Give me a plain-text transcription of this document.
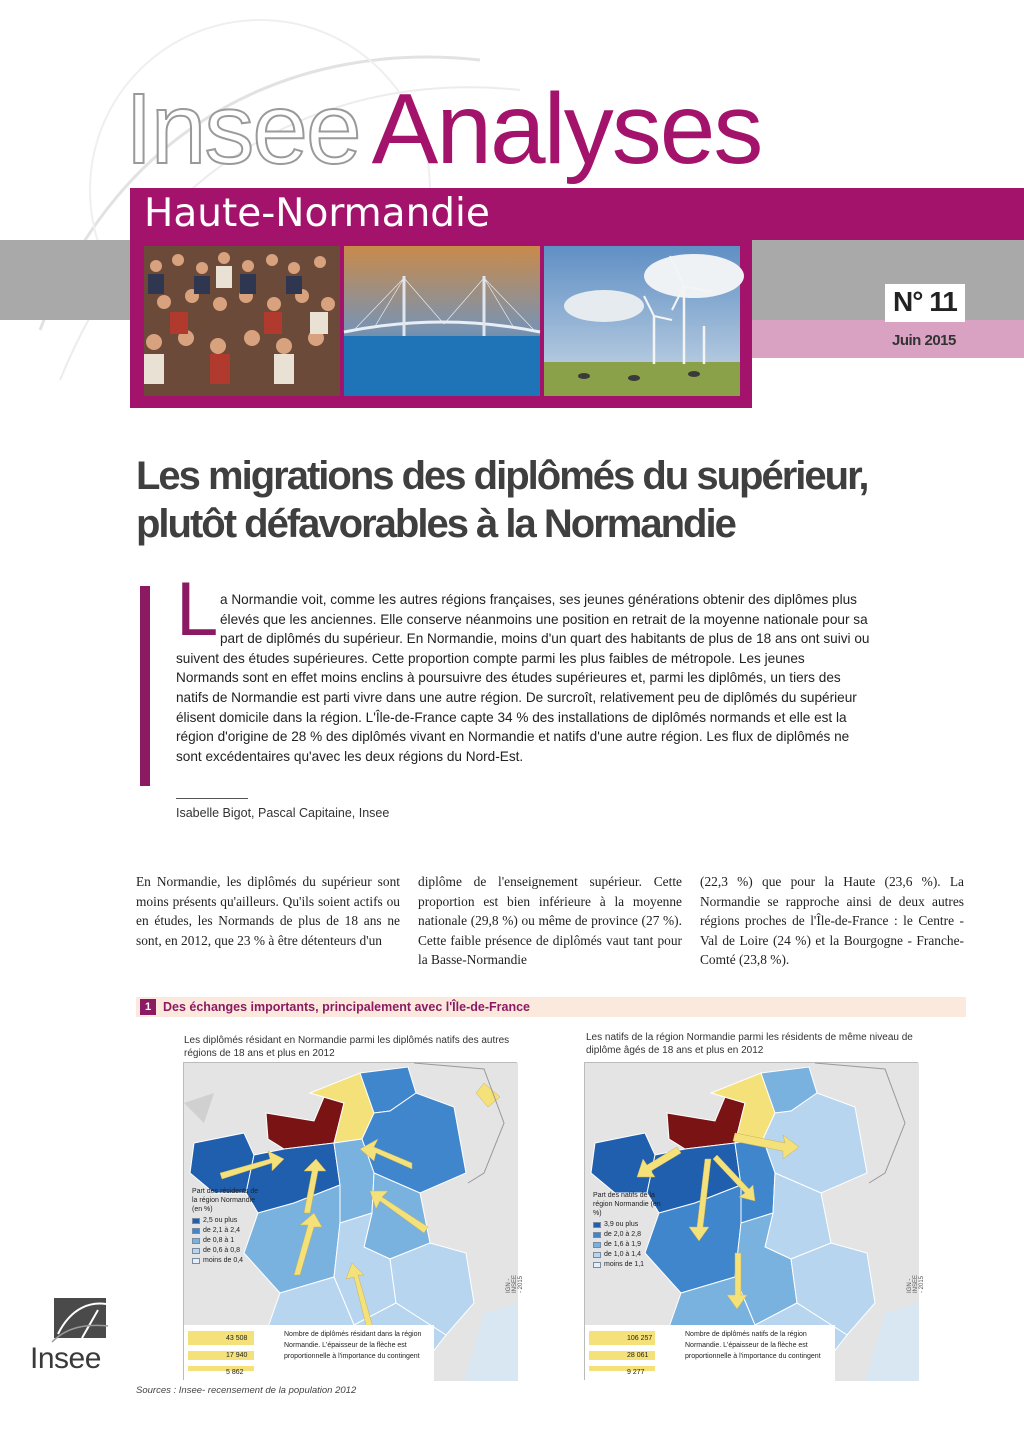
Insee Analyses
Haute-Normandie
N° 11
Juin 2015
Les migrations des diplômés du supérieur,
plutôt défavorables à la Normandie
L a Normandie voit, comme les autres régions françaises, ses jeunes générations obtenir des diplômes plus élevés que les anciennes. Elle conserve néanmoins une position en retrait de la moyenne nationale pour sa part de diplômés du supérieur. En Normandie, moins d'un quart des habitants de plus de 18 ans ont suivi ou suivent des études supérieures. Cette proportion compte parmi les plus faibles de métropole. Les jeunes Normands sont en effet moins enclins à poursuivre des études supérieures et, parmi les diplômés, un tiers des natifs de Normandie est parti vivre dans une autre région. De surcroît, relativement peu de diplômés du supérieur élisent domicile dans la région. L'Île-de-France capte 34 % des installations de diplômés normands et elle est la région d'origine de 28 % des diplômés vivant en Normandie et natifs d'une autre région. Les flux de diplômés ne sont excédentaires qu'avec les deux régions du Nord-Est.

Isabelle Bigot, Pascal Capitaine, Insee

En Normandie, les diplômés du supérieur sont moins présents qu'ailleurs. Qu'ils soient actifs ou en études, les Normands de plus de 18 ans ne sont, en 2012, que 23 % à être détenteurs d'un

diplôme de l'enseignement supérieur. Cette proportion est bien inférieure à la moyenne nationale (29,8 %) ou même de province (27 %). Cette faible présence de diplômés vaut tant pour la Basse-Normandie

(22,3 %) que pour la Haute (23,6 %). La Normandie se rapproche ainsi de deux autres régions proches de l'Île-de-France : le Centre - Val de Loire (24 %) et la Bourgogne - Franche-Comté (23,8 %).

1 Des échanges importants, principalement avec l'Île-de-France
Les diplômés résidant en Normandie parmi les diplômés natifs des autres régions de 18 ans et plus en 2012
Les natifs de la région Normandie parmi les résidents de même niveau de diplôme âgés de 18 ans et plus en 2012
Part des résidents de la région Normandie (en %)
2,5 ou plus
de 2,1 à 2,4
de 0,8 à 1
de 0,6 à 0,8
moins de 0,4
IGN - INSEE - 2015
43 508
17 940
5 862
Nombre de diplômés résidant dans la région Normandie. L'épaisseur de la flèche est proportionnelle à l'importance du contingent
Part des natifs de la région Normandie (en %)
3,9 ou plus
de 2,0 à 2,8
de 1,6 à 1,9
de 1,0 à 1,4
moins de 1,1
IGN - INSEE - 2015
106 257
28 061
9 277
Nombre de diplômés natifs de la région Normandie. L'épaisseur de la flèche est proportionnelle à l'importance du contingent
Sources : Insee- recensement de la population 2012
Insee
